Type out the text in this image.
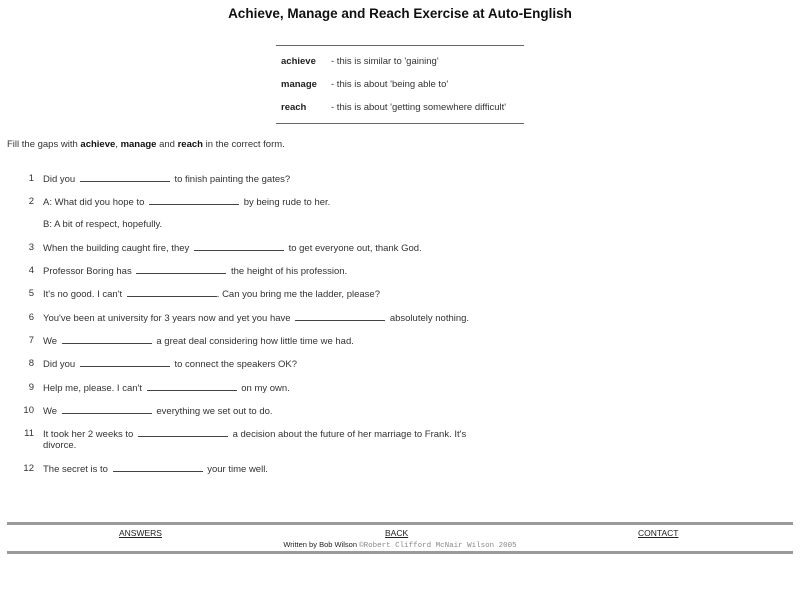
Achieve, Manage and Reach Exercise at Auto-English
achieve	- this is similar to 'gaining'
manage	- this is about 'being able to'
reach	- this is about 'getting somewhere difficult'
Fill the gaps with achieve, manage and reach in the correct form.
1 Did you	to finish painting the gates?
2 A: What did you hope to	by being rude to her.
B: A bit of respect, hopefully.
3 When the building caught fire, they	to get everyone out, thank God.
4 Professor Boring has	the height of his profession.
5 It's no good. I can't	. Can you bring me the ladder, please?
6 You've been at university for 3 years now and yet you have	absolutely nothing.
7 We	a great deal considering how little time we had.
8 Did you	to connect the speakers OK?
9 Help me, please. I can't	on my own.
10 We	everything we set out to do.
11 It took her 2 weeks to	a decision about the future of her marriage to Frank. It's divorce.
12 The secret is to	your time well.
ANSWERS	BACK	CONTACT
Written by Bob Wilson ©Robert Clifford McNair Wilson 2005
